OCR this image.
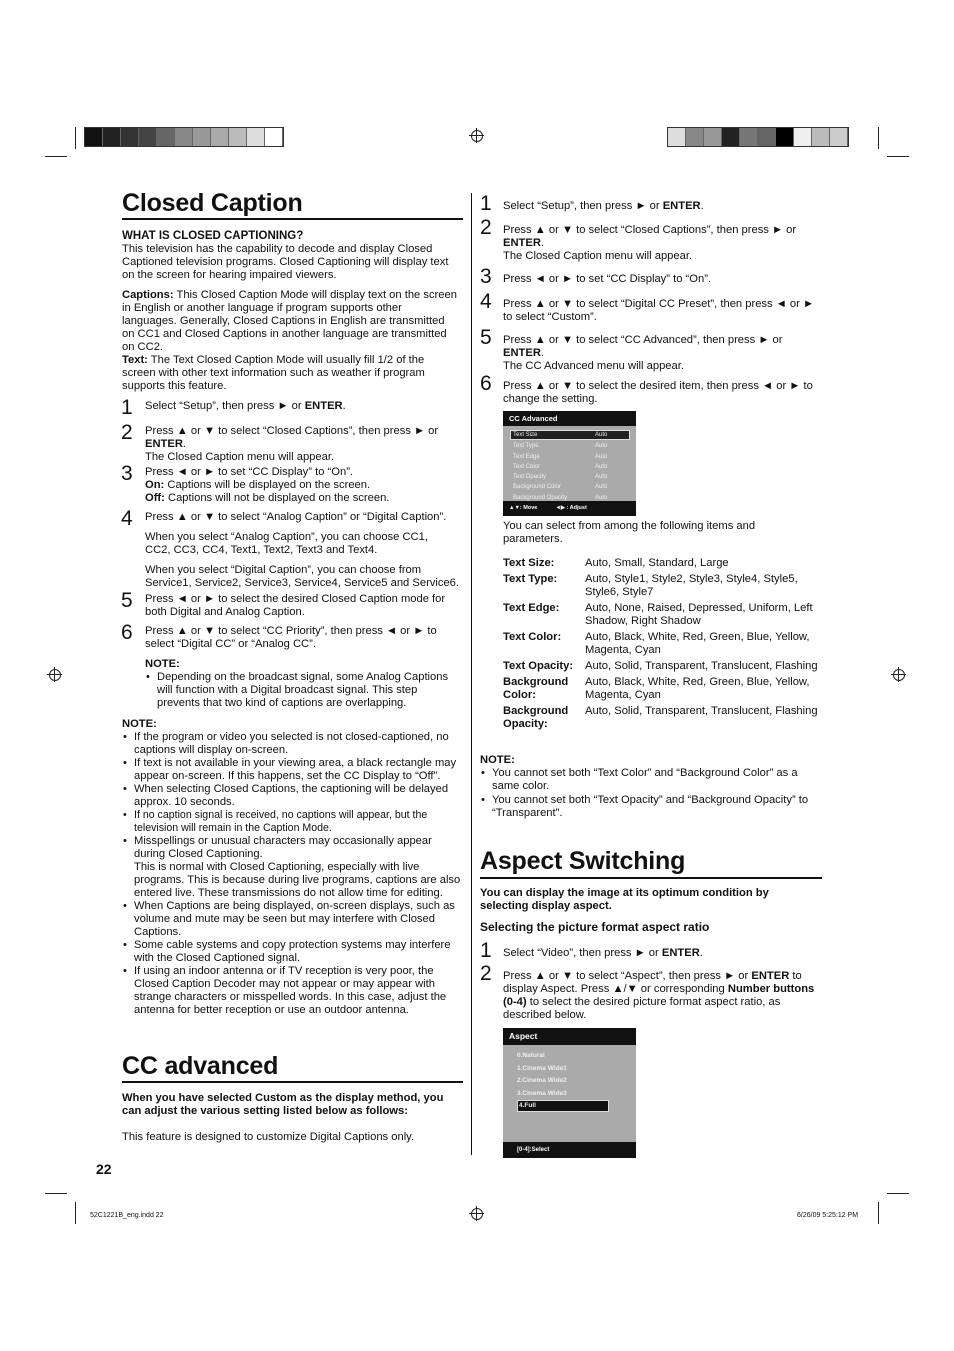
Closed Caption
WHAT IS CLOSED CAPTIONING?
This television has the capability to decode and display Closed Captioned television programs. Closed Captioning will display text on the screen for hearing impaired viewers.
Captions: This Closed Caption Mode will display text on the screen in English or another language if program supports other languages. Generally, Closed Captions in English are transmitted on CC1 and Closed Captions in another language are transmitted on CC2.
Text: The Text Closed Caption Mode will usually fill 1/2 of the screen with other text information such as weather if program supports this feature.
1 Select “Setup”, then press ► or ENTER.
2 Press ▲ or ▼ to select “Closed Captions”, then press ► or ENTER.
The Closed Caption menu will appear.
3 Press ◄ or ► to set “CC Display” to “On”.
On: Captions will be displayed on the screen.
Off: Captions will not be displayed on the screen.
4 Press ▲ or ▼ to select “Analog Caption” or “Digital Caption”.
When you select “Analog Caption”, you can choose CC1, CC2, CC3, CC4, Text1, Text2, Text3 and Text4.
When you select “Digital Caption”, you can choose from Service1, Service2, Service3, Service4, Service5 and Service6.
5 Press ◄ or ► to select the desired Closed Caption mode for both Digital and Analog Caption.
6 Press ▲ or ▼ to select “CC Priority”, then press ◄ or ► to select “Digital CC” or “Analog CC”.
NOTE:
• Depending on the broadcast signal, some Analog Captions will function with a Digital broadcast signal. This step prevents that two kind of captions are overlapping.
NOTE:
• If the program or video you selected is not closed-captioned, no captions will display on-screen.
• If text is not available in your viewing area, a black rectangle may appear on-screen. If this happens, set the CC Display to “Off”.
• When selecting Closed Captions, the captioning will be delayed approx. 10 seconds.
• If no caption signal is received, no captions will appear, but the television will remain in the Caption Mode.
• Misspellings or unusual characters may occasionally appear during Closed Captioning.
This is normal with Closed Captioning, especially with live programs. This is because during live programs, captions are also entered live. These transmissions do not allow time for editing.
• When Captions are being displayed, on-screen displays, such as volume and mute may be seen but may interfere with Closed Captions.
• Some cable systems and copy protection systems may interfere with the Closed Captioned signal.
• If using an indoor antenna or if TV reception is very poor, the Closed Caption Decoder may not appear or may appear with strange characters or misspelled words. In this case, adjust the antenna for better reception or use an outdoor antenna.
CC advanced
When you have selected Custom as the display method, you can adjust the various setting listed below as follows:
This feature is designed to customize Digital Captions only.
22
1 Select “Setup”, then press ► or ENTER.
2 Press ▲ or ▼ to select “Closed Captions”, then press ► or ENTER.
The Closed Caption menu will appear.
3 Press ◄ or ► to set “CC Display” to “On”.
4 Press ▲ or ▼ to select “Digital CC Preset”, then press ◄ or ► to select “Custom”.
5 Press ▲ or ▼ to select “CC Advanced”, then press ► or ENTER.
The CC Advanced menu will appear.
6 Press ▲ or ▼ to select the desired item, then press ◄ or ► to change the setting.
CC Advanced
Text Size	Auto
Text Type	Auto
Text Edge	Auto
Text Color	Auto
Text Opacity	Auto
Background Color	Auto
Background Opacity	Auto
▲▼: Move	◄▶ : Adjust
You can select from among the following items and parameters.
Text Size:	Auto, Small, Standard, Large
Text Type:	Auto, Style1, Style2, Style3, Style4, Style5, Style6, Style7
Text Edge:	Auto, None, Raised, Depressed, Uniform, Left Shadow, Right Shadow
Text Color:	Auto, Black, White, Red, Green, Blue, Yellow, Magenta, Cyan
Text Opacity:	Auto, Solid, Transparent, Translucent, Flashing
Background Color:	Auto, Black, White, Red, Green, Blue, Yellow, Magenta, Cyan
Background Opacity:	Auto, Solid, Transparent, Translucent, Flashing
NOTE:
• You cannot set both “Text Color” and “Background Color” as a same color.
• You cannot set both “Text Opacity” and “Background Opacity” to “Transparent”.
Aspect Switching
You can display the image at its optimum condition by selecting display aspect.
Selecting the picture format aspect ratio
1 Select “Video”, then press ► or ENTER.
2 Press ▲ or ▼ to select “Aspect”, then press ► or ENTER to display Aspect. Press ▲/▼ or corresponding Number buttons (0-4) to select the desired picture format aspect ratio, as described below.
Aspect
0.Natural
1.Cinema Wide1
2.Cinema Wide2
3.Cinema Wide3
4.Full
[0-4]:Select
52C1221B_eng.indd 22	6/26/09 5:25:12 PM
